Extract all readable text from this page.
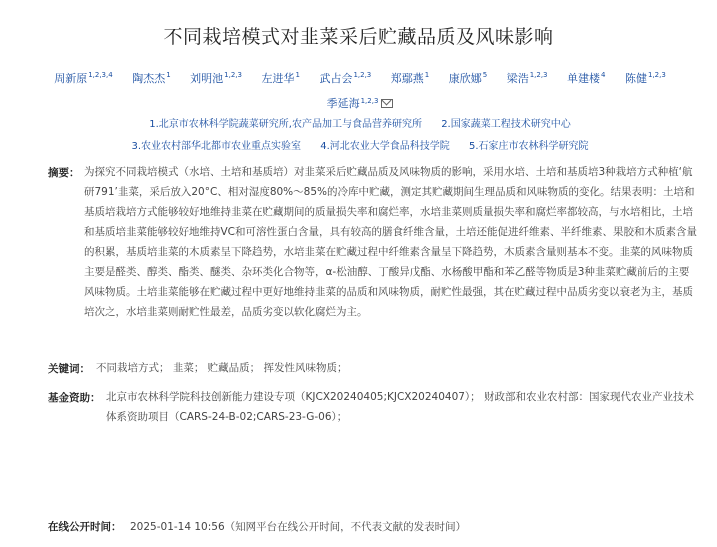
不同栽培模式对韭菜采后贮藏品质及风味影响
周新原$^{1,2,3,4}$ 陶杰杰$^1$ 刘明池$^{1,2,3}$ 左进华$^1$ 武占会$^{1,2,3}$ 郑鄢燕$^1$ 康欣娜$^5$ 梁浩$^{1,2,3}$ 单建楼$^4$ 陈健$^{1,2,3}$ 季延海$^{1,2,3}$
1.北京市农林科学院蔬菜研究所,农产品加工与食品营养研究所 2.国家蔬菜工程技术研究中心 3.农业农村部华北都市农业重点实验室 4.河北农业大学食品科技学院 5.石家庄市农林科学研究院
摘要： 为探究不同栽培模式（水培、土培和基质培）对韭菜采后贮藏品质及风味物质的影响，采用水培、土培和基质培3种栽培方式种植‘航研791’韭菜，采后放入20°C、相对湿度80%～85%的冷库中贮藏，测定其贮藏期间生理品质和风味物质的变化。结果表明：土培和基质培栽培方式能够较好地维持韭菜在贮藏期间的质量损失率和腐烂率，水培韭菜则质量损失率和腐烂率都较高，与水培相比，土培和基质培韭菜能够较好地维持VC和可溶性蛋白含量，具有较高的膳食纤维含量，土培还能促进纤维素、半纤维素、果胶和木质素含量的积累，基质培韭菜的木质素呈下降趋势，水培韭菜在贮藏过程中纤维素含量呈下降趋势，木质素含量则基本不变。韭菜的风味物质主要是醛类、醇类、酯类、醚类、杂环类化合物等，α-松油醇、丁酸异戊酯、水杨酸甲酯和苯乙醛等物质是3种韭菜贮藏前后的主要风味物质。土培韭菜能够在贮藏过程中更好地维持韭菜的品质和风味物质，耐贮性最强，其在贮藏过程中品质劣变以衰老为主，基质培次之，水培韭菜则耐贮性最差，品质劣变以软化腐烂为主。
关键词： 不同栽培方式； 韭菜； 贮藏品质； 挥发性风味物质；
基金资助： 北京市农林科学院科技创新能力建设专项（KJCX20240405;KJCX20240407）； 财政部和农业农村部：国家现代农业产业技术体系资助项目（CARS-24-B-02;CARS-23-G-06）；
在线公开时间： 2025-01-14 10:56（知网平台在线公开时间，不代表文献的发表时间）
